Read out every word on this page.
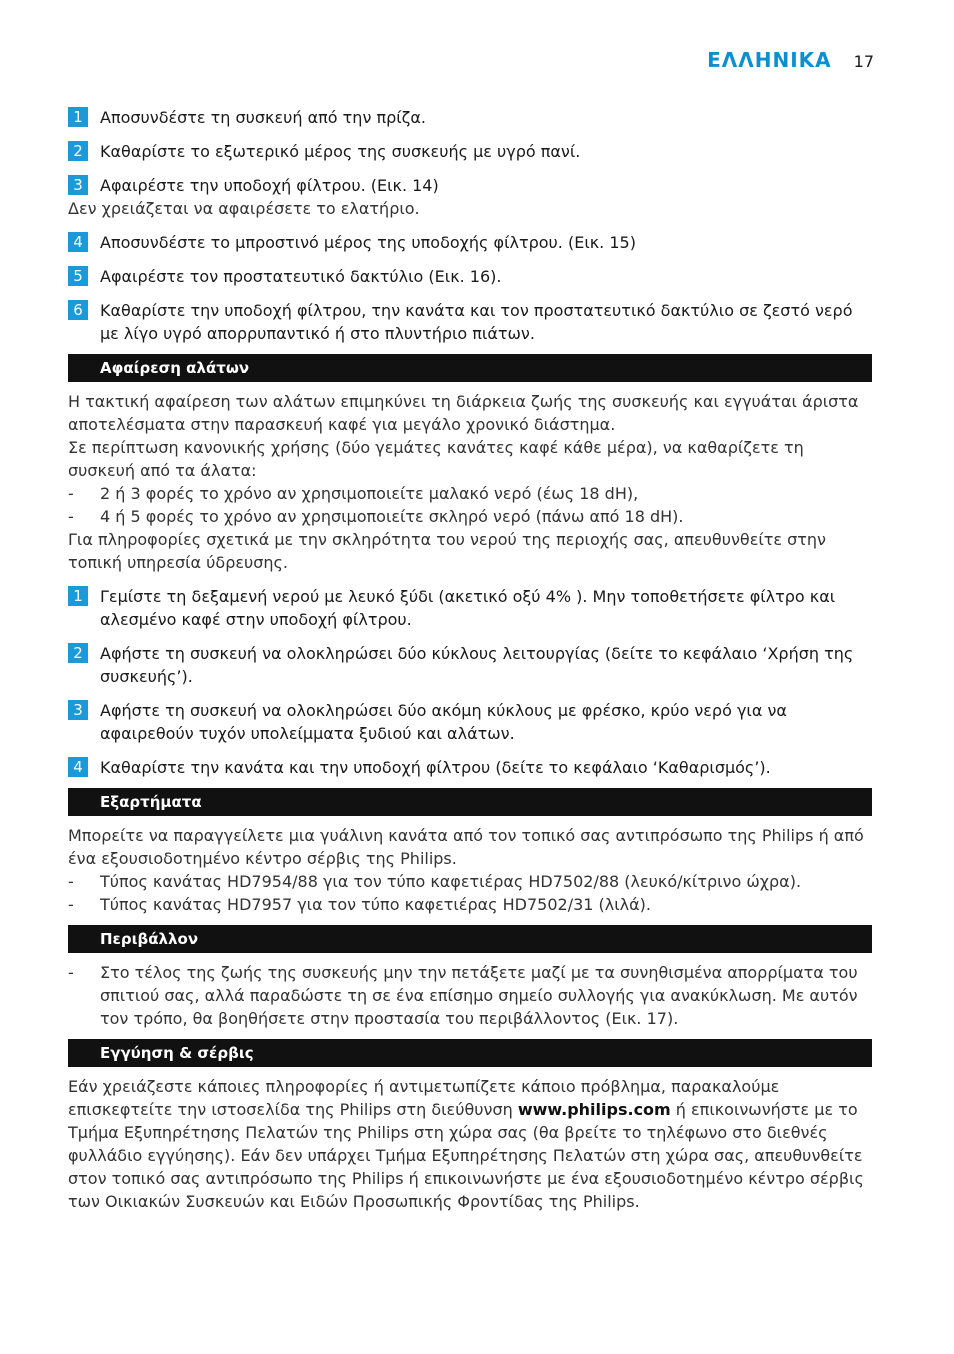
ΕΛΛΗΝΙΚΑ 17
1	Αποσυνδέστε τη συσκευή από την πρίζα.
2	Καθαρίστε το εξωτερικό μέρος της συσκευής με υγρό πανί.
3	Αφαιρέστε την υποδοχή φίλτρου. (Εικ. 14)

Δεν χρειάζεται να αφαιρέσετε το ελατήριο.

4	Αποσυνδέστε το μπροστινό μέρος της υποδοχής φίλτρου. (Εικ. 15)
5	Αφαιρέστε τον προστατευτικό δακτύλιο (Εικ. 16).
6	Καθαρίστε την υποδοχή φίλτρου, την κανάτα και τον προστατευτικό δακτύλιο σε ζεστό νερό με λίγο υγρό απορρυπαντικό ή στο πλυντήριο πιάτων.
Αφαίρεση αλάτων

Η τακτική αφαίρεση των αλάτων επιμηκύνει τη διάρκεια ζωής της συσκευής και εγγυάται άριστα αποτελέσματα στην παρασκευή καφέ για μεγάλο χρονικό διάστημα.

Σε περίπτωση κανονικής χρήσης (δύο γεμάτες κανάτες καφέ κάθε μέρα), να καθαρίζετε τη συσκευή από τα άλατα:

-	2 ή 3 φορές το χρόνο αν χρησιμοποιείτε μαλακό νερό (έως 18 dH),
-	4 ή 5 φορές το χρόνο αν χρησιμοποιείτε σκληρό νερό (πάνω από 18 dH).

Για πληροφορίες σχετικά με την σκληρότητα του νερού της περιοχής σας, απευθυνθείτε στην τοπική υπηρεσία ύδρευσης.

1	Γεμίστε τη δεξαμενή νερού με λευκό ξύδι (ακετικό οξύ 4% ). Μην τοποθετήσετε φίλτρο και αλεσμένο καφέ στην υποδοχή φίλτρου.
2	Αφήστε τη συσκευή να ολοκληρώσει δύο κύκλους λειτουργίας (δείτε το κεφάλαιο ‘Χρήση της συσκευής’).
3	Αφήστε τη συσκευή να ολοκληρώσει δύο ακόμη κύκλους με φρέσκο, κρύο νερό για να αφαιρεθούν τυχόν υπολείμματα ξυδιού και αλάτων.
4	Καθαρίστε την κανάτα και την υποδοχή φίλτρου (δείτε το κεφάλαιο ‘Καθαρισμός’).
Εξαρτήματα

Μπορείτε να παραγγείλετε μια γυάλινη κανάτα από τον τοπικό σας αντιπρόσωπο της Philips ή από ένα εξουσιοδοτημένο κέντρο σέρβις της Philips.

-	Τύπος κανάτας HD7954/88 για τον τύπο καφετιέρας HD7502/88 (λευκό/κίτρινο ώχρα).
-	Τύπος κανάτας HD7957 για τον τύπο καφετιέρας HD7502/31 (λιλά).
Περιβάλλον
-	Στο τέλος της ζωής της συσκευής μην την πετάξετε μαζί με τα συνηθισμένα απορρίματα του σπιτιού σας, αλλά παραδώστε τη σε ένα επίσημο σημείο συλλογής για ανακύκλωση. Με αυτόν τον τρόπο, θα βοηθήσετε στην προστασία του περιβάλλοντος (Εικ. 17).
Εγγύηση & σέρβις

Εάν χρειάζεστε κάποιες πληροφορίες ή αντιμετωπίζετε κάποιο πρόβλημα, παρακαλούμε επισκεφτείτε την ιστοσελίδα της Philips στη διεύθυνση www.philips.com ή επικοινωνήστε με το Τμήμα Εξυπηρέτησης Πελατών της Philips στη χώρα σας (θα βρείτε το τηλέφωνο στο διεθνές φυλλάδιο εγγύησης). Εάν δεν υπάρχει Τμήμα Εξυπηρέτησης Πελατών στη χώρα σας, απευθυνθείτε στον τοπικό σας αντιπρόσωπο της Philips ή επικοινωνήστε με ένα εξουσιοδοτημένο κέντρο σέρβις των Οικιακών Συσκευών και Ειδών Προσωπικής Φροντίδας της Philips.
